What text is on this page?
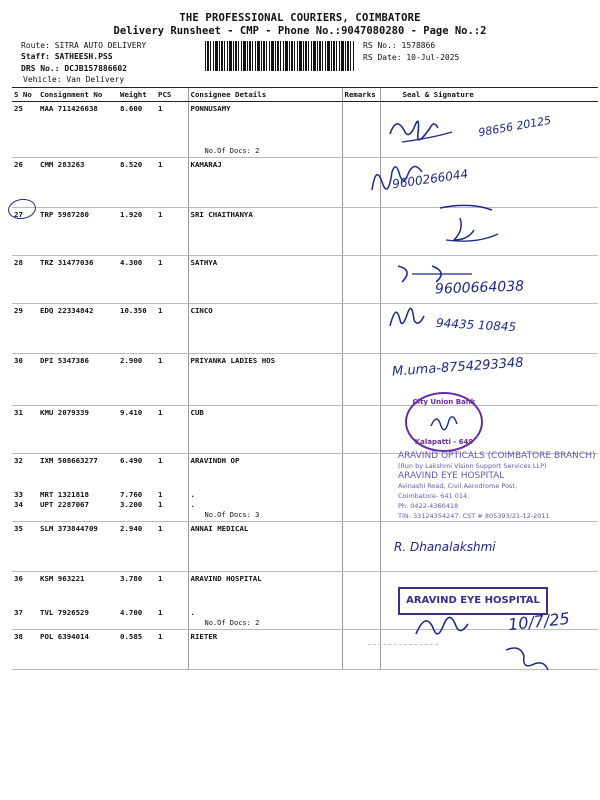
THE PROFESSIONAL COURIERS, COIMBATORE
Delivery Runsheet - CMP - Phone No.:9047080280 - Page No.:2
Route: SITRA AUTO DELIVERY
Staff: SATHEESH.PSS
DRS No.: DCJB157886602
Vehicle: Van Delivery
RS No.: 1578866
RS Date: 10-Jul-2025
S No	Consignment No	Weight	PCS	Consignee Details	Remarks	Seal & Signature
25	MAA 711426038	8.600	1	PONNUSAMY
No.Of Docs: 2		

26	CMM 283263	8.520	1	KAMARAJ		
27	TRP 5987280	1.920	1	SRI CHAITHANYA		
28	TRZ 31477036	4.300	1	SATHYA		
29	EDQ 22334842	10.350	1	CINCO		
30	DPI 5347386	2.900	1	PRIYANKA LADIES HOS		
31	KMU 2079339	9.410	1	CUB		
32	IXM 508663277	6.490	1	ARAVINDH OP		
33	MRT 1321818	7.760	1	.		
34	UPT 2287067	3.200	1	.
No.Of Docs: 3		

35	SLM 373844709	2.940	1	ANNAI MEDICAL		
36	KSM 963221	3.780	1	ARAVIND HOSPITAL		
37	TVL 7926529	4.700	1	.
No.Of Docs: 2		

38	POL 6394014	0.585	1	RIETER		
98656 20125
9600266044
9600664038
94435 10845
M.uma-8754293348
City Union Bank
Kalapatti - 649
ARAVIND OPTICALS (COIMBATORE BRANCH)
(Run by Lakshmi Vision Support Services LLP)
ARAVIND EYE HOSPITAL
Avinashi Road, Civil Aerodrome Post,
Coimbatore- 641 014.
Ph: 0422-4360418
TIN: 33124354247. CST # 805393/21-12-2011
R. Dhanalakshmi
ARAVIND EYE HOSPITAL
10/7/25
